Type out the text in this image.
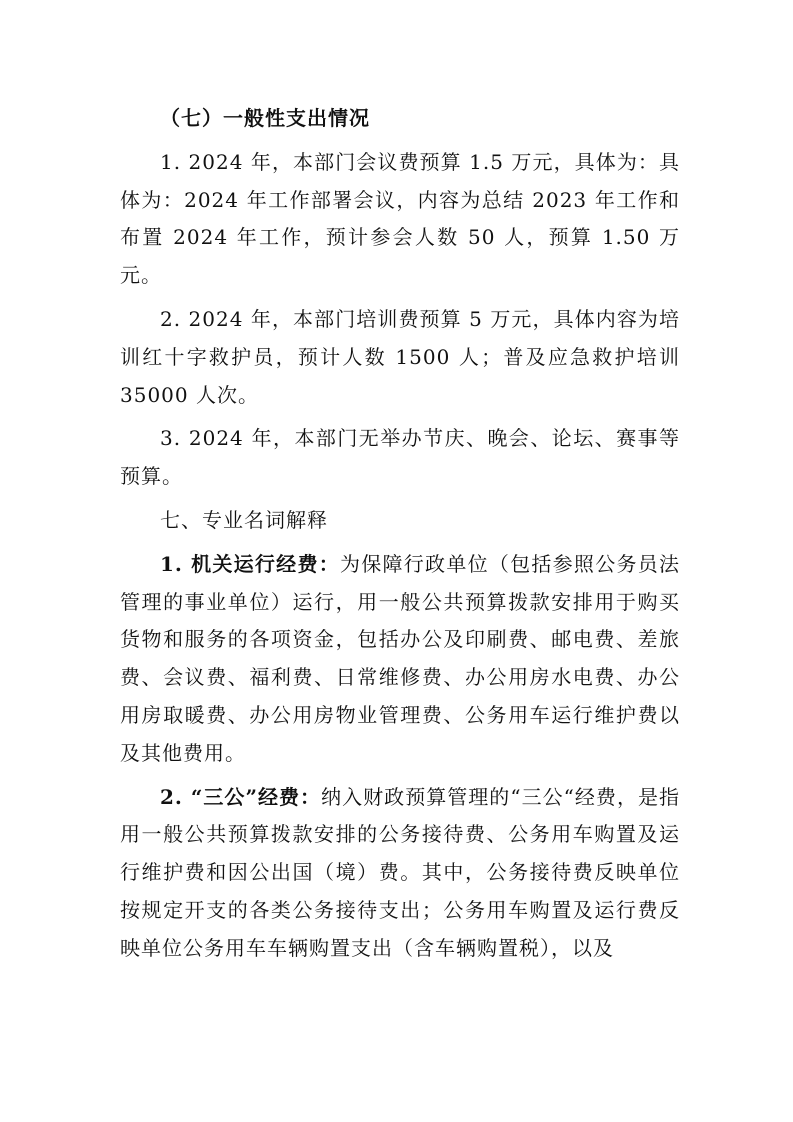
（七）一般性支出情况

1. 2024 年，本部门会议费预算 1.5 万元，具体为：具体为：2024 年工作部署会议，内容为总结 2023 年工作和布置 2024 年工作，预计参会人数 50 人，预算 1.50 万元。

2. 2024 年，本部门培训费预算 5 万元，具体内容为培训红十字救护员，预计人数 1500 人；普及应急救护培训 35000 人次。

3. 2024 年，本部门无举办节庆、晚会、论坛、赛事等预算。

七、专业名词解释

1. 机关运行经费：为保障行政单位（包括参照公务员法管理的事业单位）运行，用一般公共预算拨款安排用于购买货物和服务的各项资金，包括办公及印刷费、邮电费、差旅费、会议费、福利费、日常维修费、办公用房水电费、办公用房取暖费、办公用房物业管理费、公务用车运行维护费以及其他费用。

2. “三公”经费：纳入财政预算管理的“三公“经费，是指用一般公共预算拨款安排的公务接待费、公务用车购置及运行维护费和因公出国（境）费。其中，公务接待费反映单位按规定开支的各类公务接待支出；公务用车购置及运行费反映单位公务用车车辆购置支出（含车辆购置税），以及
